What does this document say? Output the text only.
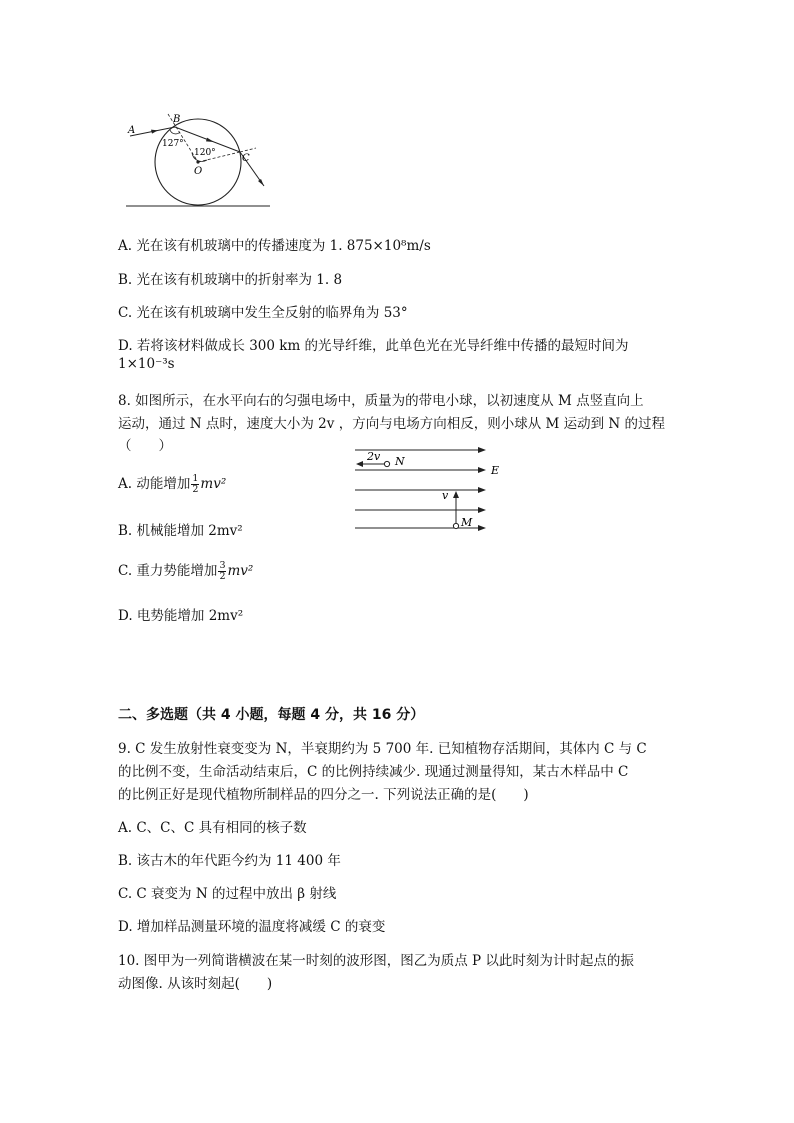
A
B
C
O
127°
120°
A. 光在该有机玻璃中的传播速度为 1. 875×10⁸m/s
B. 光在该有机玻璃中的折射率为 1. 8
C. 光在该有机玻璃中发生全反射的临界角为 53°
D. 若将该材料做成长 300 km 的光导纤维，此单色光在光导纤维中传播的最短时间为
1×10⁻³s
8. 如图所示，在水平向右的匀强电场中，质量为的带电小球，以初速度从 M 点竖直向上
运动，通过 N 点时，速度大小为 2v ，方向与电场方向相反，则小球从 M 运动到 N 的过程
（　　）
A. 动能增加 $\frac{1}{2} mv^2$
B. 机械能增加 2mv²
C. 重力势能增加 $\frac{3}{2} mv^2$
D. 电势能增加 2mv²
2v N
E
v
M
二、多选题（共 4 小题，每题 4 分，共 16 分）
9. C 发生放射性衰变变为 N，半衰期约为 5 700 年. 已知植物存活期间，其体内 C 与 C
的比例不变，生命活动结束后，C 的比例持续减少. 现通过测量得知，某古木样品中 C
的比例正好是现代植物所制样品的四分之一. 下列说法正确的是(　　)
A. C、C、C 具有相同的核子数
B. 该古木的年代距今约为 11 400 年
C. C 衰变为 N 的过程中放出 β 射线
D. 增加样品测量环境的温度将减缓 C 的衰变
10. 图甲为一列简谐横波在某一时刻的波形图，图乙为质点 P 以此时刻为计时起点的振
动图像. 从该时刻起(　　)
